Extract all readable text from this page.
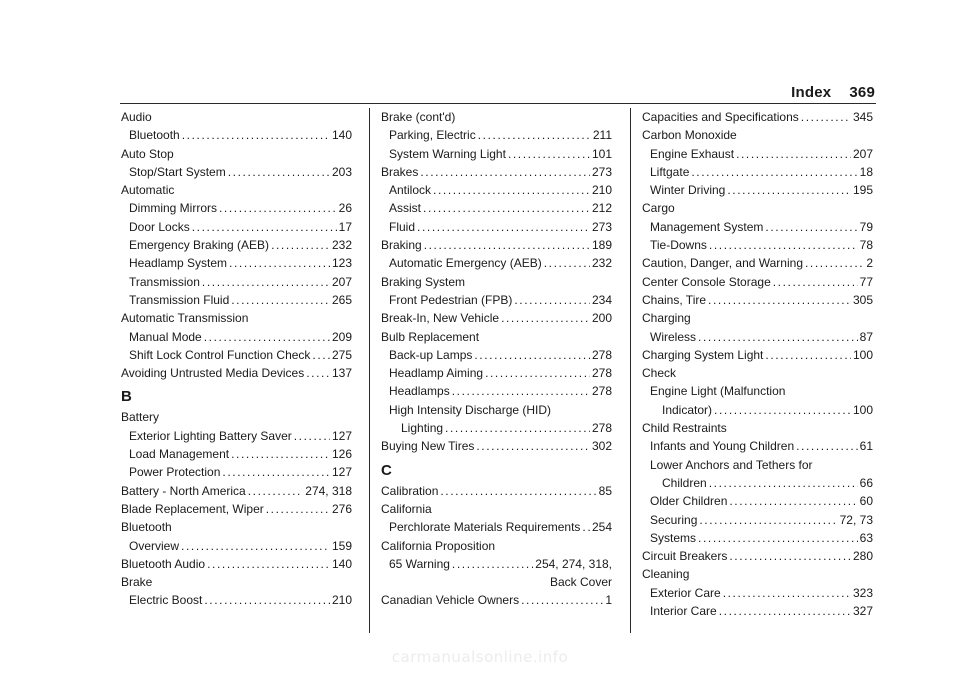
Index 369
Audio
Bluetooth .....	140
Auto Stop
Stop/Start System .....	203
Automatic
Dimming Mirrors .....	26
Door Locks .....	17
Emergency Braking (AEB) .....	232
Headlamp System .....	123
Transmission .....	207
Transmission Fluid .....	265
Automatic Transmission
Manual Mode .....	209
Shift Lock Control Function Check ..... 275
Avoiding Untrusted Media Devices ..... 137
B
Battery
Exterior Lighting Battery Saver .....	127
Load Management .....	126
Power Protection .....	127
Battery - North America .....	274, 318
Blade Replacement, Wiper .....	276
Bluetooth
Overview .....	159
Bluetooth Audio .....	140
Brake
Electric Boost .....	210
Brake (cont'd)
Parking, Electric .....	211
System Warning Light .....	101
Brakes .....	273
Antilock .....	210
Assist .....	212
Fluid .....	273
Braking .....	189
Automatic Emergency (AEB) .....	232
Braking System
Front Pedestrian (FPB) .....	234
Break-In, New Vehicle .....	200
Bulb Replacement
Back-up Lamps .....	278
Headlamp Aiming .....	278
Headlamps .....	278
High Intensity Discharge (HID)
Lighting .....	278
Buying New Tires .....	302
C
Calibration .....	85
California
Perchlorate Materials Requirements ..... 254
California Proposition
65 Warning .....	254, 274, 318,
Back Cover
Canadian Vehicle Owners .....	1
Capacities and Specifications .....	345
Carbon Monoxide
Engine Exhaust .....	207
Liftgate .....	18
Winter Driving .....	195
Cargo
Management System .....	79
Tie-Downs .....	78
Caution, Danger, and Warning .....	2
Center Console Storage .....	77
Chains, Tire .....	305
Charging
Wireless .....	87
Charging System Light .....	100
Check
Engine Light (Malfunction
Indicator) .....	100
Child Restraints
Infants and Young Children .....	61
Lower Anchors and Tethers for
Children .....	66
Older Children .....	60
Securing .....	72, 73
Systems .....	63
Circuit Breakers .....	280
Cleaning
Exterior Care .....	323
Interior Care .....	327
carmanualsonline.info
